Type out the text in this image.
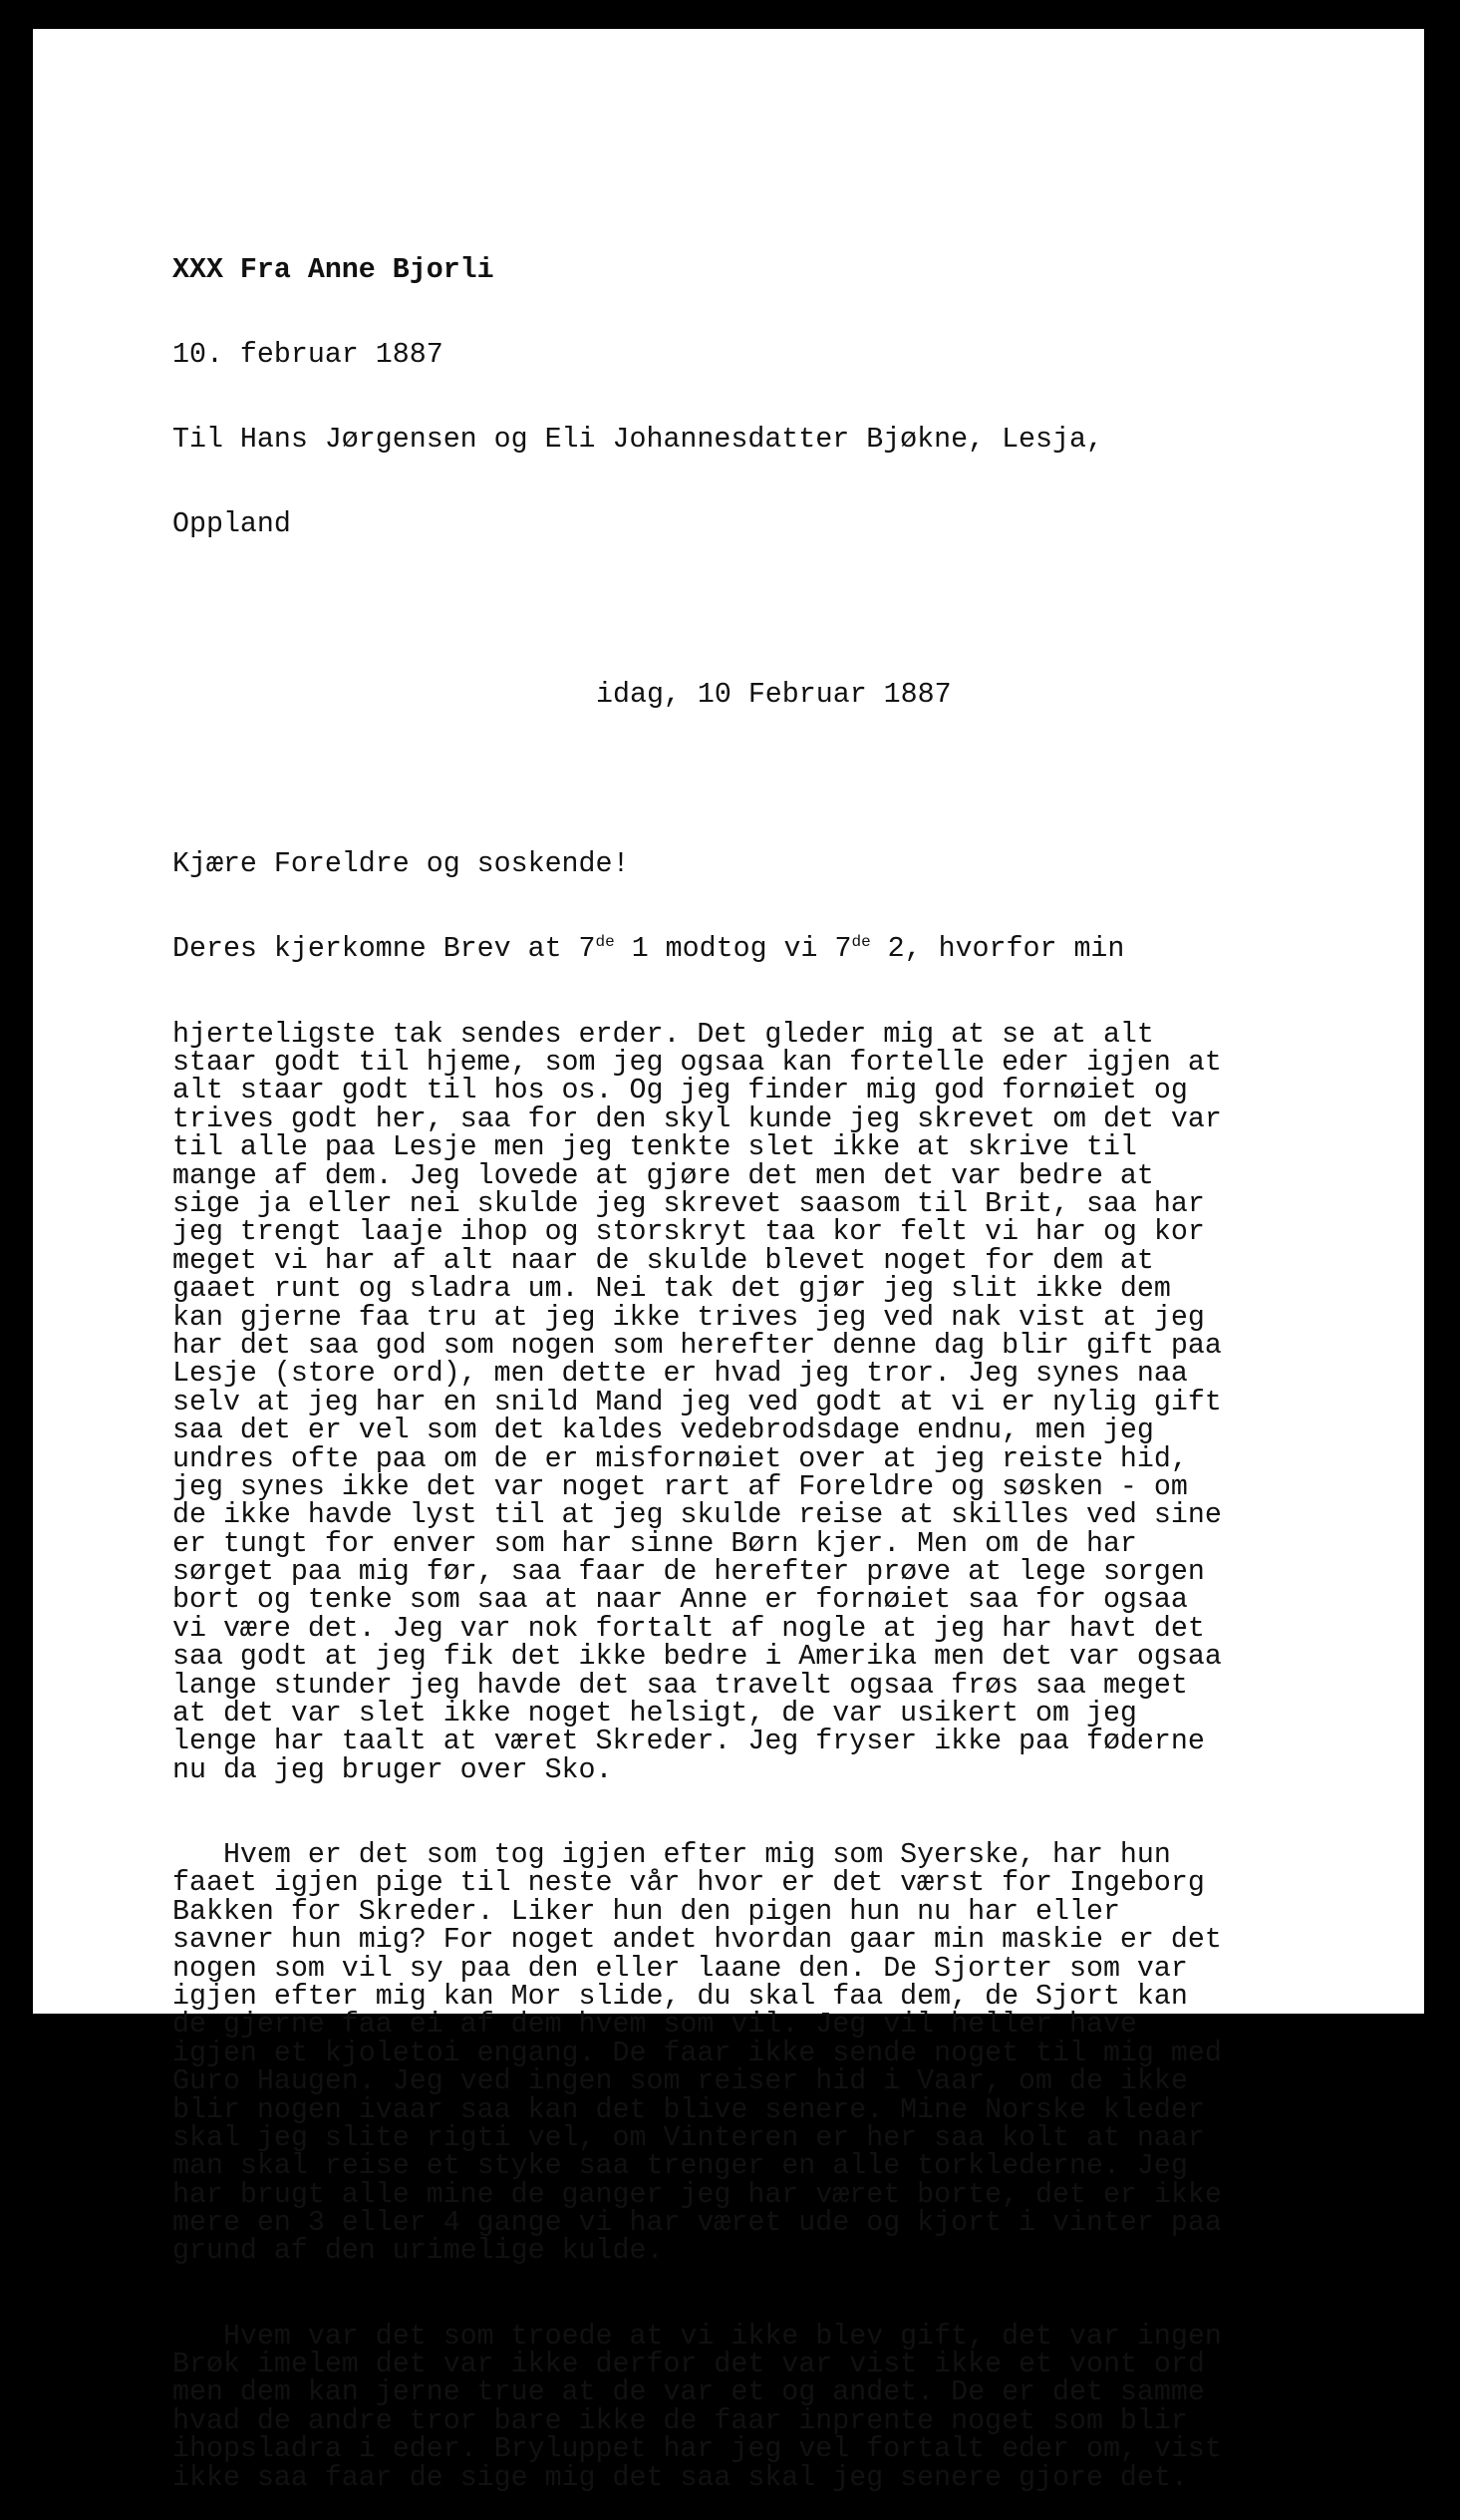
XXX Fra Anne Bjorli

10. februar 1887

Til Hans Jørgensen og Eli Johannesdatter Bjøkne, Lesja,

Oppland

idag, 10 Februar 1887

Kjære Foreldre og soskende!

Deres kjerkomne Brev at 7de 1 modtog vi 7de 2, hvorfor min

hjerteligste tak sendes erder. Det gleder mig at se at alt
staar godt til hjeme, som jeg ogsaa kan fortelle eder igjen at
alt staar godt til hos os. Og jeg finder mig god fornøiet og
trives godt her, saa for den skyl kunde jeg skrevet om det var
til alle paa Lesje men jeg tenkte slet ikke at skrive til
mange af dem. Jeg lovede at gjøre det men det var bedre at
sige ja eller nei skulde jeg skrevet saasom til Brit, saa har
jeg trengt laaje ihop og storskryt taa kor felt vi har og kor
meget vi har af alt naar de skulde blevet noget for dem at
gaaet runt og sladra um. Nei tak det gjør jeg slit ikke dem
kan gjerne faa tru at jeg ikke trives jeg ved nak vist at jeg
har det saa god som nogen som herefter denne dag blir gift paa
Lesje (store ord), men dette er hvad jeg tror. Jeg synes naa
selv at jeg har en snild Mand jeg ved godt at vi er nylig gift
saa det er vel som det kaldes vedebrodsdage endnu, men jeg
undres ofte paa om de er misfornøiet over at jeg reiste hid,
jeg synes ikke det var noget rart af Foreldre og søsken - om
de ikke havde lyst til at jeg skulde reise at skilles ved sine
er tungt for enver som har sinne Børn kjer. Men om de har
sørget paa mig før, saa faar de herefter prøve at lege sorgen
bort og tenke som saa at naar Anne er fornøiet saa for ogsaa
vi være det. Jeg var nok fortalt af nogle at jeg har havt det
saa godt at jeg fik det ikke bedre i Amerika men det var ogsaa
lange stunder jeg havde det saa travelt ogsaa frøs saa meget
at det var slet ikke noget helsigt, de var usikert om jeg
lenge har taalt at været Skreder. Jeg fryser ikke paa føderne
nu da jeg bruger over Sko.

Hvem er det som tog igjen efter mig som Syerske, har hun
faaet igjen pige til neste vår hvor er det værst for Ingeborg
Bakken for Skreder. Liker hun den pigen hun nu har eller
savner hun mig? For noget andet hvordan gaar min maskie er det
nogen som vil sy paa den eller laane den. De Sjorter som var
igjen efter mig kan Mor slide, du skal faa dem, de Sjort kan
de gjerne faa ei af dem hvem som vil. Jeg vil heller have
igjen et kjoletoi engang. De faar ikke sende noget til mig med
Guro Haugen. Jeg ved ingen som reiser hid i Vaar, om de ikke
blir nogen ivaar saa kan det blive senere. Mine Norske kleder
skal jeg slite rigti vel, om Vinteren er her saa kolt at naar
man skal reise et styke saa trenger en alle torklederne. Jeg
har brugt alle mine de ganger jeg har været borte, det er ikke
mere en 3 eller 4 gange vi har været ude og kjort i vinter paa
grund af den urimelige kulde.

Hvem var det som troede at vi ikke blev gift, det var ingen
Brøk imelem det var ikke derfor det var vist ikke et vont ord
men dem kan jerne true at de var et og andet. De er det samme
hvad de andre tror bare ikke de faar inprente noget som blir
ihopsladra i eder. Bryluppet har jeg vel fortalt eder om, vist
ikke saa faar de sige mig det saa skal jeg senere gjore det.
